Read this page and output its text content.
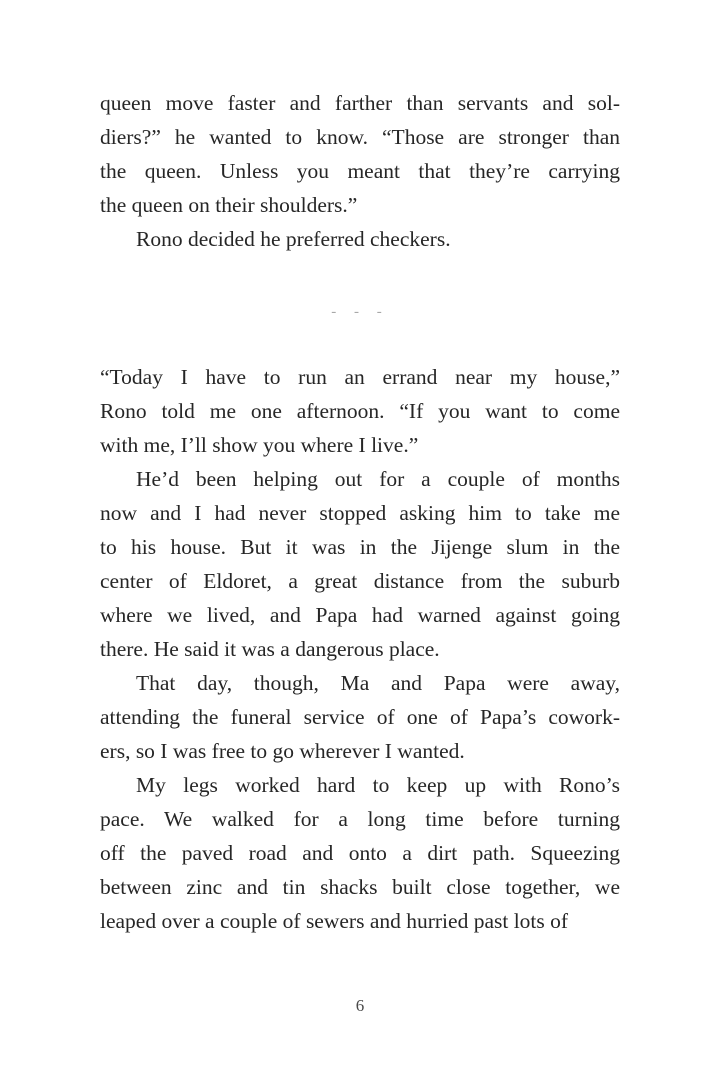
queen move faster and farther than servants and sol-
diers?” he wanted to know. “Those are stronger than
the queen. Unless you meant that they’re carrying
the queen on their shoulders.”
Rono decided he preferred checkers.
- - -
“Today I have to run an errand near my house,”
Rono told me one afternoon. “If you want to come
with me, I’ll show you where I live.”
He’d been helping out for a couple of months
now and I had never stopped asking him to take me
to his house. But it was in the Jijenge slum in the
center of Eldoret, a great distance from the suburb
where we lived, and Papa had warned against going
there. He said it was a dangerous place.
That day, though, Ma and Papa were away,
attending the funeral service of one of Papa’s cowork-
ers, so I was free to go wherever I wanted.
My legs worked hard to keep up with Rono’s
pace. We walked for a long time before turning
off the paved road and onto a dirt path. Squeezing
between zinc and tin shacks built close together, we
leaped over a couple of sewers and hurried past lots of
6
